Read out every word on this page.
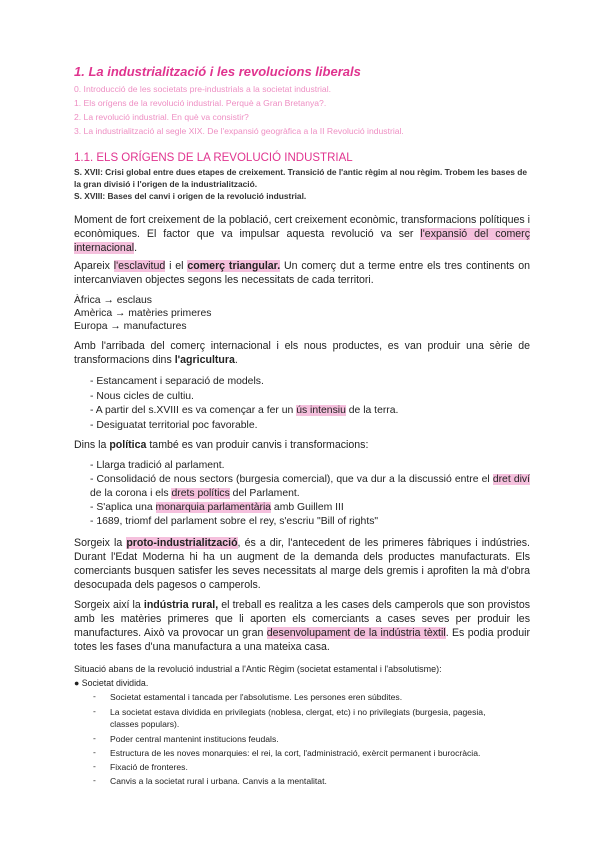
1. La industrialització i les revolucions liberals
0. Introducció de les societats pre-industrials a la societat industrial.
1. Els orígens de la revolució industrial. Perquè a Gran Bretanya?.
2. La revolució industrial. En què va consistir?
3. La industrialització al segle XIX. De l'expansió geogràfica a la II Revolució industrial.
1.1. ELS ORÍGENS DE LA REVOLUCIÓ INDUSTRIAL
S. XVII: Crisi global entre dues etapes de creixement. Transició de l'antic règim al nou règim. Trobem les bases de la gran divisió i l'origen de la industrialització.
S. XVIII: Bases del canvi i origen de la revolució industrial.
Moment de fort creixement de la població, cert creixement econòmic, transformacions polítiques i econòmiques. El factor que va impulsar aquesta revolució va ser l'expansió del comerç internacional.
Apareix l'esclavitud i el comerç triangular. Un comerç dut a terme entre els tres continents on intercanviaven objectes segons les necessitats de cada territori.
Àfrica → esclaus
Amèrica → matèries primeres
Europa → manufactures
Amb l'arribada del comerç internacional i els nous productes, es van produir una sèrie de transformacions dins l'agricultura.
- Estancament i separació de models.
- Nous cicles de cultiu.
- A partir del s.XVIII es va començar a fer un ús intensiu de la terra.
- Desiguatat territorial poc favorable.
Dins la política també es van produir canvis i transformacions:
- Llarga tradició al parlament.
- Consolidació de nous sectors (burgesia comercial), que va dur a la discussió entre el dret diví de la corona i els drets polítics del Parlament.
- S'aplica una monarquia parlamentària amb Guillem III
- 1689, triomf del parlament sobre el rey, s'escriu "Bill of rights"
Sorgeix la proto-industrialització, és a dir, l'antecedent de les primeres fàbriques i indústries. Durant l'Edat Moderna hi ha un augment de la demanda dels productes manufacturats. Els comerciants busquen satisfer les seves necessitats al marge dels gremis i aprofiten la mà d'obra desocupada dels pagesos o camperols.
Sorgeix així la indústria rural, el treball es realitza a les cases dels camperols que son provistos amb les matèries primeres que li aporten els comerciants a cases seves per produir les manufactures. Això va provocar un gran desenvolupament de la indústria tèxtil. Es podia produir totes les fases d'una manufactura a una mateixa casa.
Situació abans de la revolució industrial a l'Antic Règim (societat estamental i l'absolutisme):
● Societat dividida.
- Societat estamental i tancada per l'absolutisme. Les persones eren súbdites.
- La societat estava dividida en privilegiats (noblesa, clergat, etc) i no privilegiats (burgesia, pagesia, classes populars).
- Poder central mantenint institucions feudals.
- Estructura de les noves monarquies: el rei, la cort, l'administració, exèrcit permanent i burocràcia.
- Fixació de fronteres.
- Canvis a la societat rural i urbana. Canvis a la mentalitat.
